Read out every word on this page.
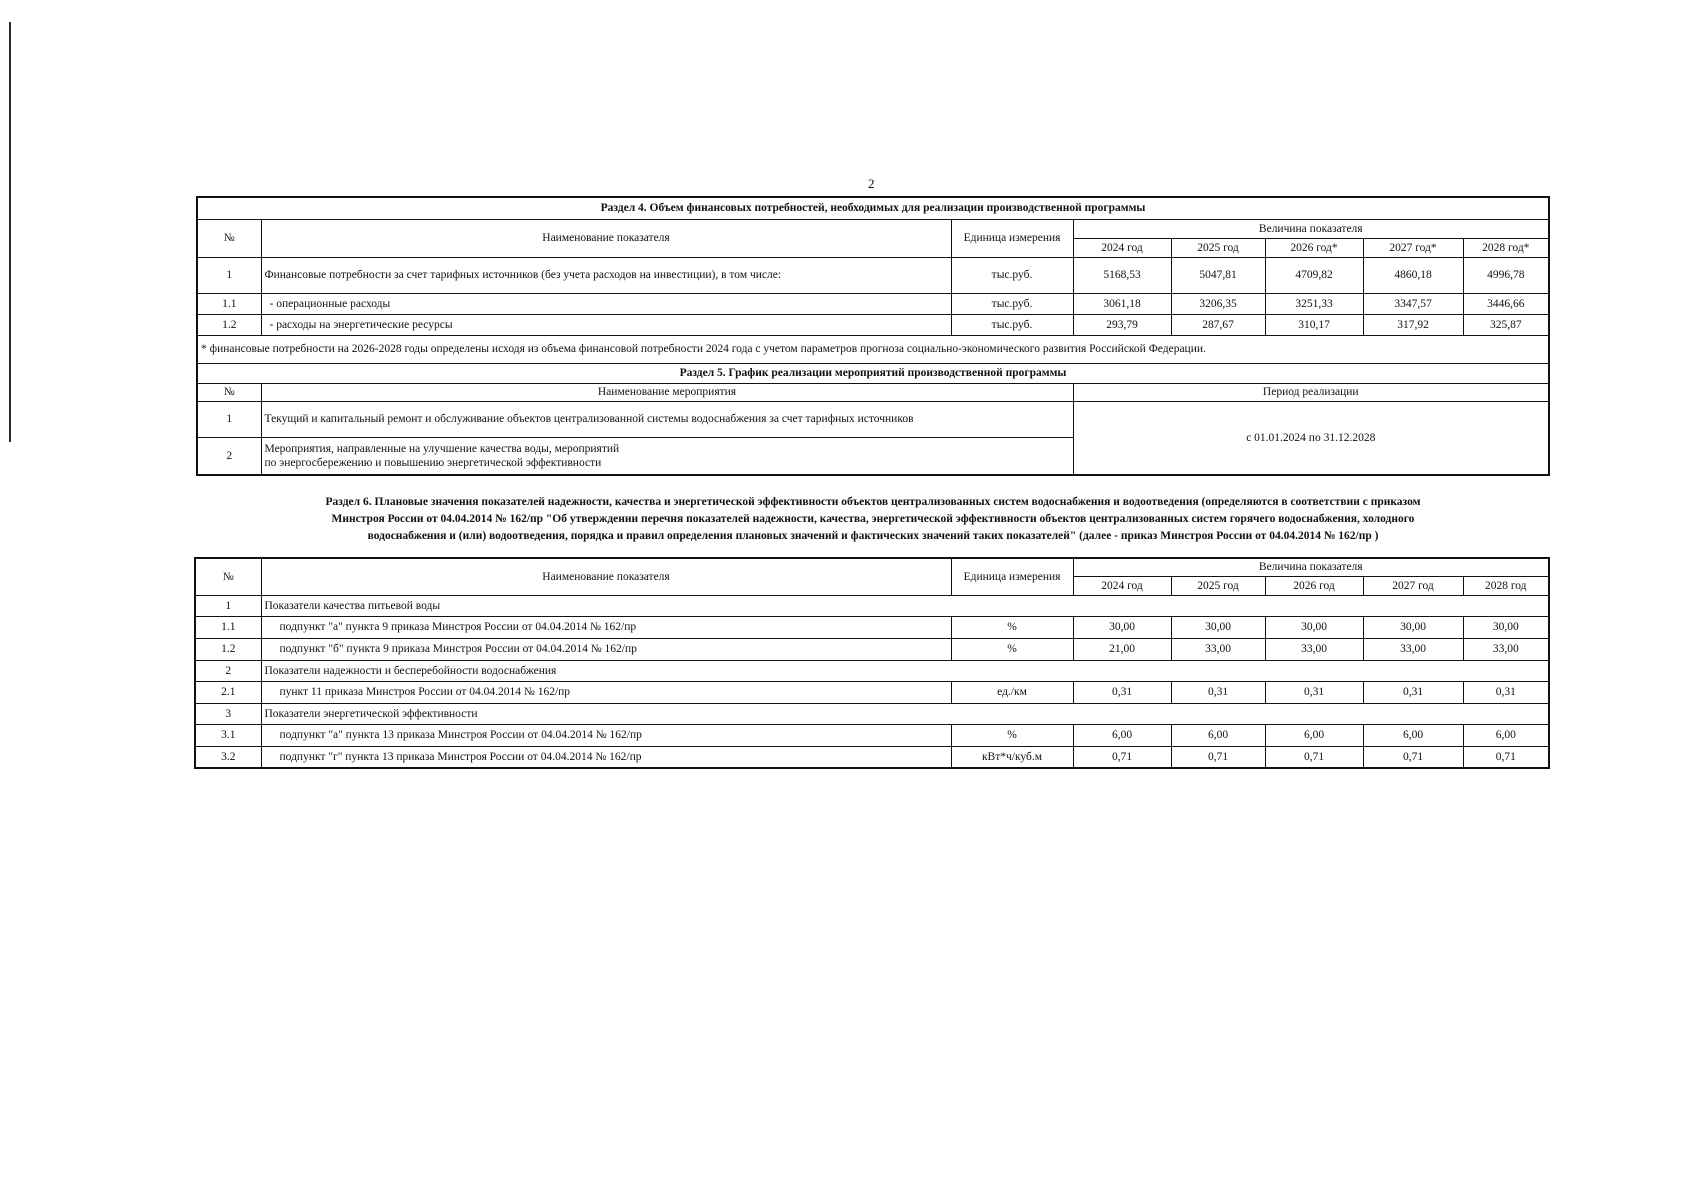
2
Раздел 4. Объем финансовых потребностей, необходимых для реализации производственной программы							
№	Наименование показателя	Единица измерения	Величина показателя				
			2024 год	2025 год	2026 год*	2027 год*	2028 год*
1	Финансовые потребности за счет тарифных источников (без учета расходов на инвестиции), в том числе:	тыс.руб.	5168,53	5047,81	4709,82	4860,18	4996,78
1.1	- операционные расходы	тыс.руб.	3061,18	3206,35	3251,33	3347,57	3446,66
1.2	- расходы на энергетические ресурсы	тыс.руб.	293,79	287,67	310,17	317,92	325,87
* финансовые потребности на 2026-2028 годы определены исходя из объема финансовой потребности 2024 года с учетом параметров прогноза социально-экономического развития Российской Федерации.							
Раздел 5. График реализации мероприятий производственной программы							
№	Наименование мероприятия		Период реализации				
1	Текущий и капитальный ремонт и обслуживание объектов централизованной системы водоснабжения за счет тарифных источников		с 01.01.2024 по 31.12.2028				
2	Мероприятия, направленные на улучшение качества воды, мероприятий
по энергосбережению и повышению энергетической эффективности						
Раздел 6. Плановые значения показателей надежности, качества и энергетической эффективности объектов централизованных систем водоснабжения и водоотведения (определяются в соответствии с приказом
Минстроя России от 04.04.2014 № 162/пр "Об утверждении перечня показателей надежности, качества, энергетической эффективности объектов централизованных систем горячего водоснабжения, холодного
водоснабжения и (или) водоотведения, порядка и правил определения плановых значений и фактических значений таких показателей" (далее - приказ Минстроя России от 04.04.2014 № 162/пр )
№	Наименование показателя	Единица измерения	Величина показателя				
			2024 год	2025 год	2026 год	2027 год	2028 год
1	Показатели качества питьевой воды						
1.1	подпункт "а" пункта 9 приказа Минстроя России от 04.04.2014 № 162/пр	%	30,00	30,00	30,00	30,00	30,00
1.2	подпункт "б" пункта 9 приказа Минстроя России от 04.04.2014 № 162/пр	%	21,00	33,00	33,00	33,00	33,00
2	Показатели надежности и бесперебойности водоснабжения						
2.1	пункт 11 приказа Минстроя России от 04.04.2014 № 162/пр	ед./км	0,31	0,31	0,31	0,31	0,31
3	Показатели энергетической эффективности						
3.1	подпункт "а" пункта 13 приказа Минстроя России от 04.04.2014 № 162/пр	%	6,00	6,00	6,00	6,00	6,00
3.2	подпункт "г" пункта 13 приказа Минстроя России от 04.04.2014 № 162/пр	кВт*ч/куб.м	0,71	0,71	0,71	0,71	0,71
